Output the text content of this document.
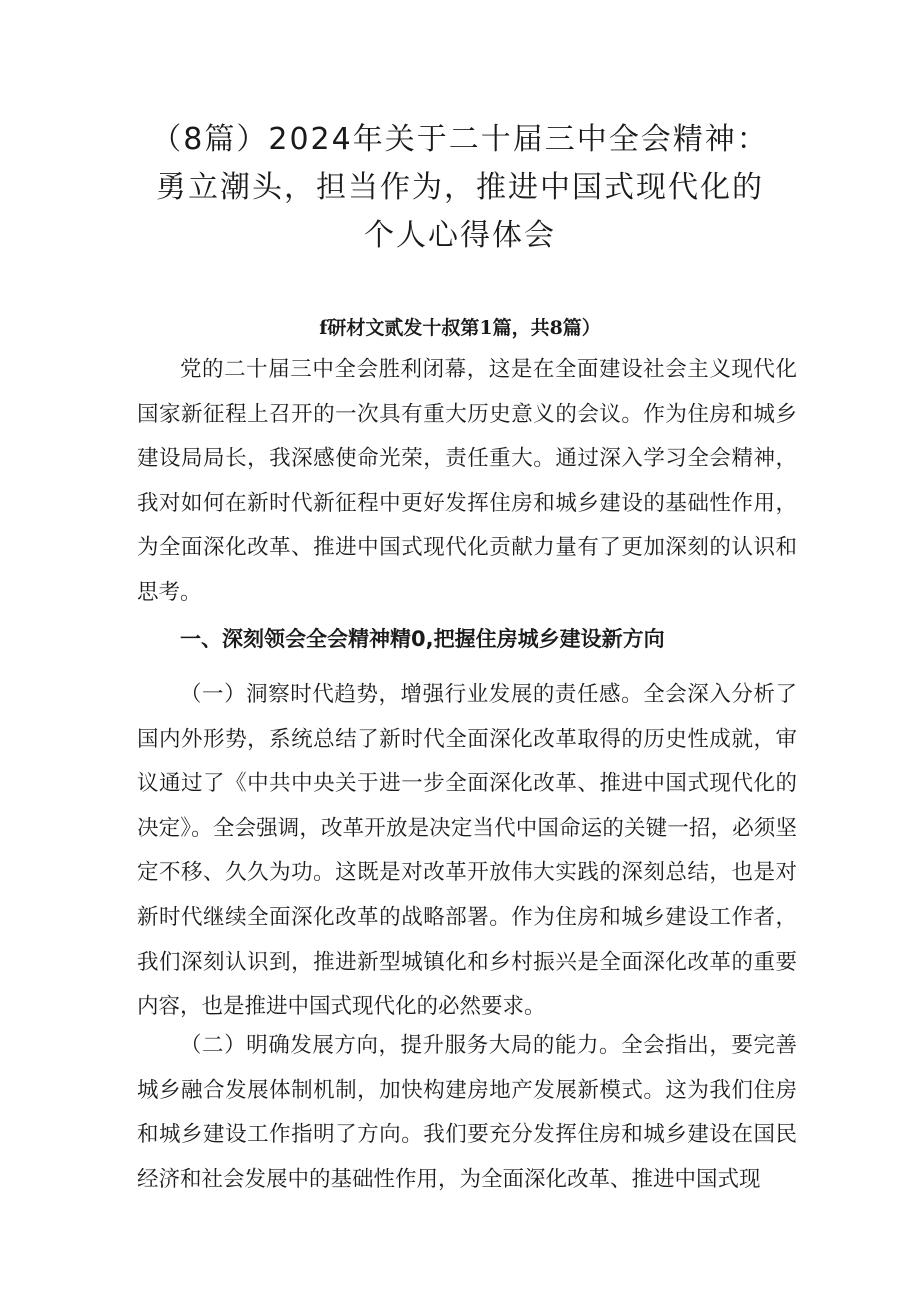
（8篇）2024年关于二十届三中全会精神：
勇立潮头，担当作为，推进中国式现代化的
个人心得体会
f研材文贰发十叔第1篇，共8篇）
党的二十届三中全会胜利闭幕，这是在全面建设社会主义现代化国家新征程上召开的一次具有重大历史意义的会议。作为住房和城乡建设局局长，我深感使命光荣，责任重大。通过深入学习全会精神，我对如何在新时代新征程中更好发挥住房和城乡建设的基础性作用，为全面深化改革、推进中国式现代化贡献力量有了更加深刻的认识和思考。
一、深刻领会全会精神精0,把握住房城乡建设新方向
（一）洞察时代趋势，增强行业发展的责任感。全会深入分析了国内外形势，系统总结了新时代全面深化改革取得的历史性成就，审议通过了《中共中央关于进一步全面深化改革、推进中国式现代化的决定》。全会强调，改革开放是决定当代中国命运的关键一招，必须坚定不移、久久为功。这既是对改革开放伟大实践的深刻总结，也是对新时代继续全面深化改革的战略部署。作为住房和城乡建设工作者，我们深刻认识到，推进新型城镇化和乡村振兴是全面深化改革的重要内容，也是推进中国式现代化的必然要求。
（二）明确发展方向，提升服务大局的能力。全会指出，要完善城乡融合发展体制机制，加快构建房地产发展新模式。这为我们住房和城乡建设工作指明了方向。我们要充分发挥住房和城乡建设在国民经济和社会发展中的基础性作用，为全面深化改革、推进中国式现
